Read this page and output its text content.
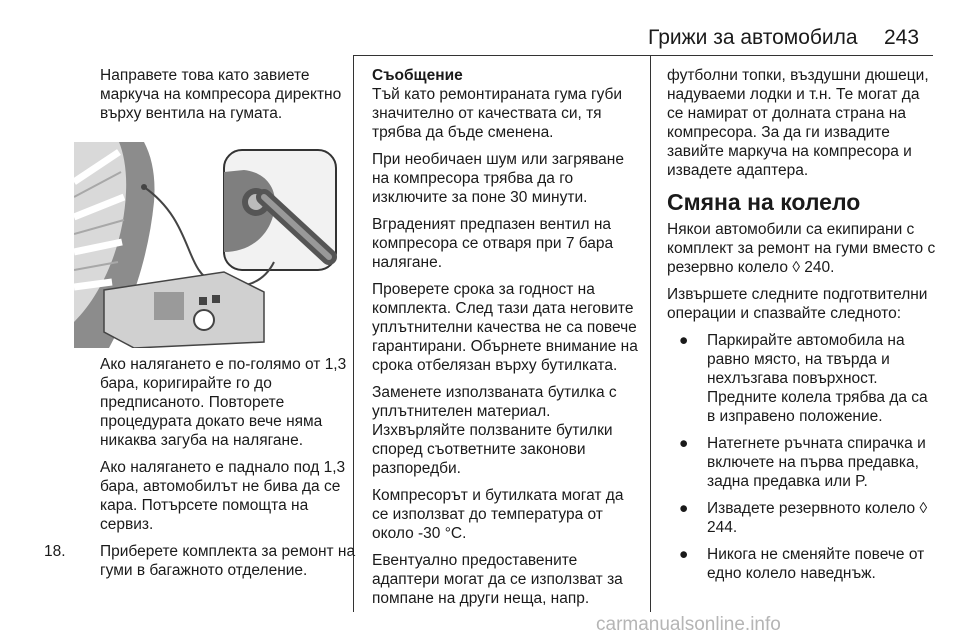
Грижи за автомобила 243

Направете това като завиете маркуча на компресора директно върху вентила на гумата.

Ако налягането е по-голямо от 1,3 бара, коригирайте го до предписаното. Повторете процедурата докато вече няма никаква загуба на налягане.

Ако налягането е паднало под 1,3 бара, автомобилът не бива да се кара. Потърсете помощта на сервиз.

18.	Приберете комплекта за ремонт на гуми в багажното отделение.
Съобщение

Тъй като ремонтираната гума губи значително от качествата си, тя трябва да бъде сменена.

При необичаен шум или загряване на компресора трябва да го изключите за поне 30 минути.

Вграденият предпазен вентил на компресора се отваря при 7 бара налягане.

Проверете срока за годност на комплекта. След тази дата неговите уплътнителни качества не са повече гарантирани. Обърнете внимание на срока отбелязан върху бутилката.

Заменете използваната бутилка с уплътнителен материал. Изхвърляйте ползваните бутилки според съответните законови разпоредби.

Компресорът и бутилката могат да се използват до температура от около -30 °C.

Евентуално предоставените адаптери могат да се използват за помпане на други неща, напр.

футболни топки, въздушни дюшеци, надуваеми лодки и т.н. Те могат да се намират от долната страна на компресора. За да ги извадите завийте маркуча на компресора и извадете адаптера.

Смяна на колело

Някои автомобили са екипирани с комплект за ремонт на гуми вместо с резервно колело ◊ 240.

Извършете следните подготвителни операции и спазвайте следното:

● Паркирайте автомобила на равно място, на твърда и нехлъзгава повърхност. Предните колела трябва да са в изправено положение.
● Натегнете ръчната спирачка и включете на първа предавка, задна предавка или P.
● Извадете резервното колело ◊ 244.
● Никога не сменяйте повече от едно колело наведнъж.
carmanualsonline.info
